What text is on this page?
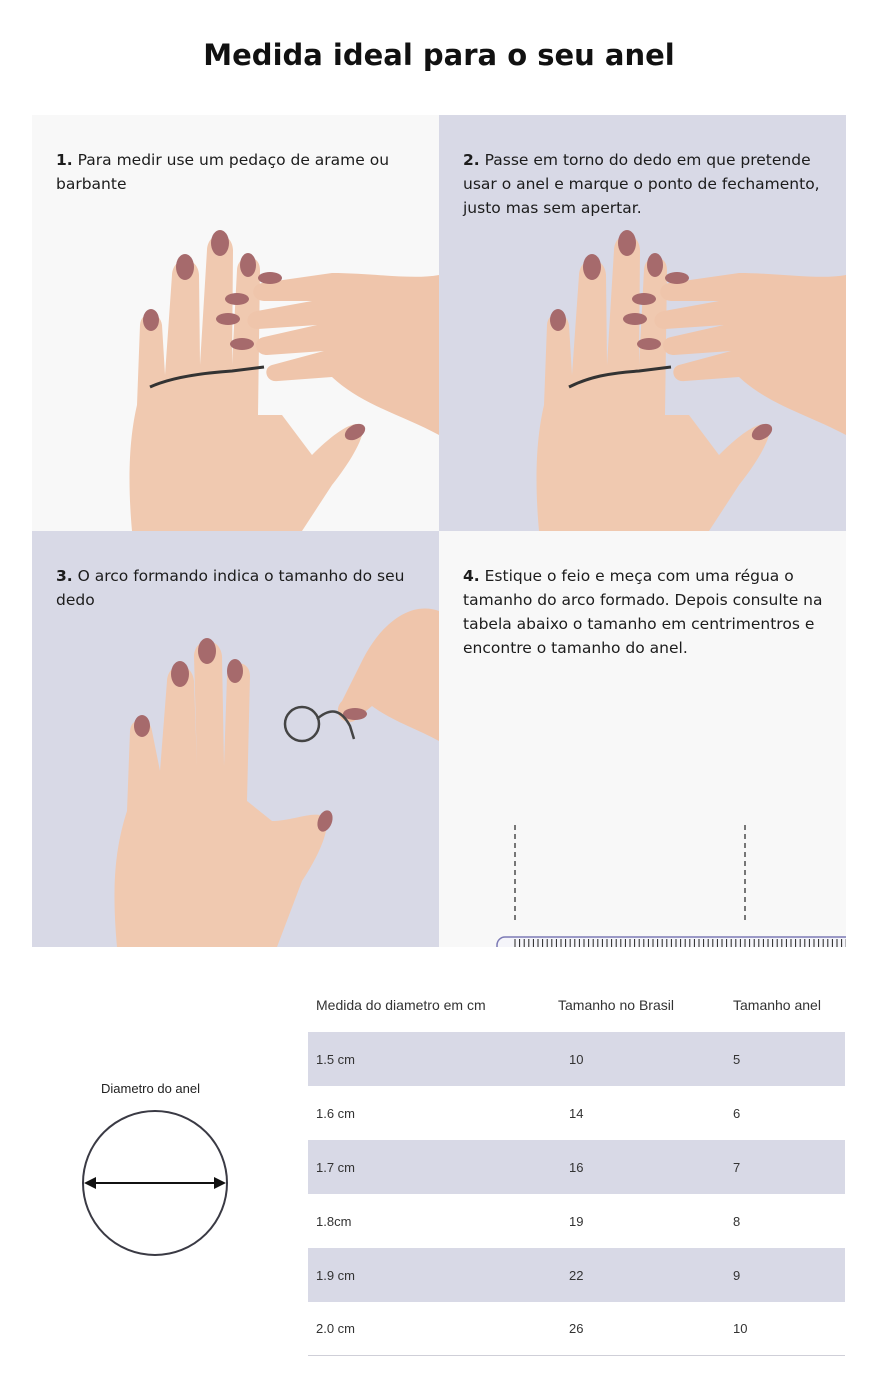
Medida ideal para o seu anel

1. Para medir use um pedaço de arame ou barbante

2. Passe em torno do dedo em que pretende usar o anel e marque o ponto de fechamento, justo mas sem apertar.

3. O arco formando indica o tamanho do seu dedo

4. Estique o feio e meça com uma régua o tamanho do arco formado. Depois consulte na tabela abaixo o tamanho em centrimentros e encontre o tamanho do anel.

Diametro do anel
Medida do diametro em cm	Tamanho no Brasil	Tamanho anel
1.5 cm	10	5
1.6 cm	14	6
1.7 cm	16	7
1.8cm	19	8
1.9 cm	22	9
2.0 cm	26	10
